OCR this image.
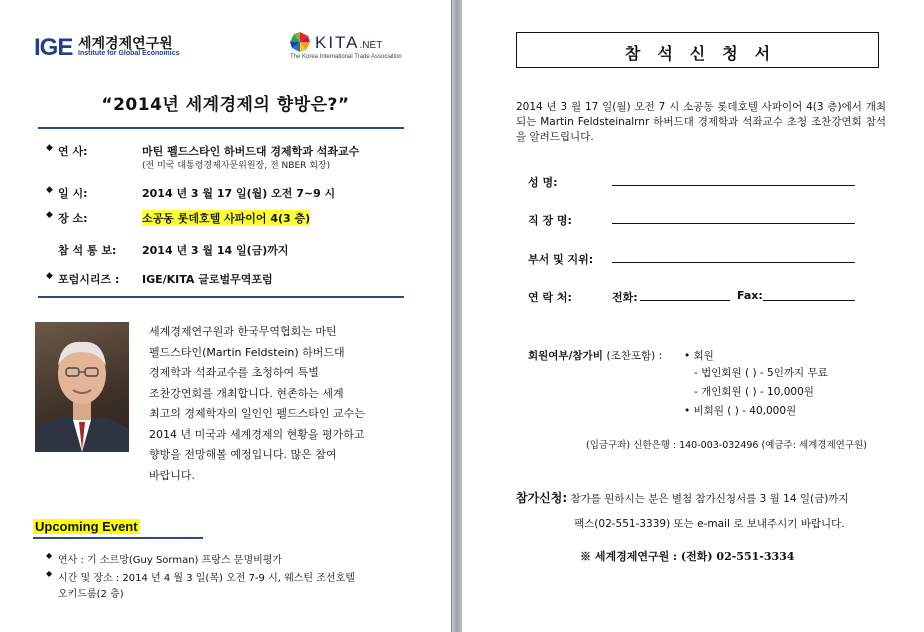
IGE 세계경제연구원
Institute for Global Economics
KITA.NET
The Korea International Trade Association
“2014년 세계경제의 향방은?”
◆ 연 사:	마틴 펠드스타인 하버드대 경제학과 석좌교수
(전 미국 대통령경제자문위원장, 전 NBER 회장)
◆ 일 시:	2014 년 3 월 17 일(월) 오전 7~9 시
◆ 장 소:	소공동 롯데호텔 사파이어 4(3 층)
참 석 통 보: 2014 년 3 월 14 일(금)까지
◆ 포럼시리즈 : IGE/KITA 글로벌무역포럼
세계경제연구원과 한국무역협회는 마틴
펠드스타인(Martin Feldstein) 하버드대
경제학과 석좌교수를 초청하여 특별
조찬강연회를 개최합니다. 현존하는 세계
최고의 경제학자의 일인인 펠드스타인 교수는
2014 년 미국과 세계경제의 현황을 평가하고
향방을 전망해볼 예정입니다. 많은 참여
바랍니다.
Upcoming Event
◆ 연사 : 기 소르망(Guy Sorman) 프랑스 문명비평가
◆ 시간 및 장소 : 2014 년 4 월 3 일(목) 오전 7-9 시, 웨스틴 조선호텔
오키드룸(2 층)
참석신청서
2014 년 3 월 17 일(월) 오전 7 시 소공동 롯데호텔 사파이어 4(3 층)에서 개최되는 Martin Feldsteinalrnr 하버드대 경제학과 석좌교수 초청 조찬강연회 참석을 알려드립니다.
성 명:
직 장 명:
부서 및 지위:
연 락 처:	전화:	Fax:
회원여부/참가비 (조찬포함) : • 회원
- 법인회원 ( ) - 5인까지 무료
- 개인회원 ( ) - 10,000원
• 비회원 ( ) - 40,000원
(입금구좌) 신한은행 : 140-003-032496 (예금주: 세계경제연구원)
참가신청: 참가를 원하시는 분은 별첨 참가신청서를 3 월 14 일(금)까지
팩스(02-551-3339) 또는 e-mail 로 보내주시기 바랍니다.
※ 세계경제연구원 : (전화) 02-551-3334
